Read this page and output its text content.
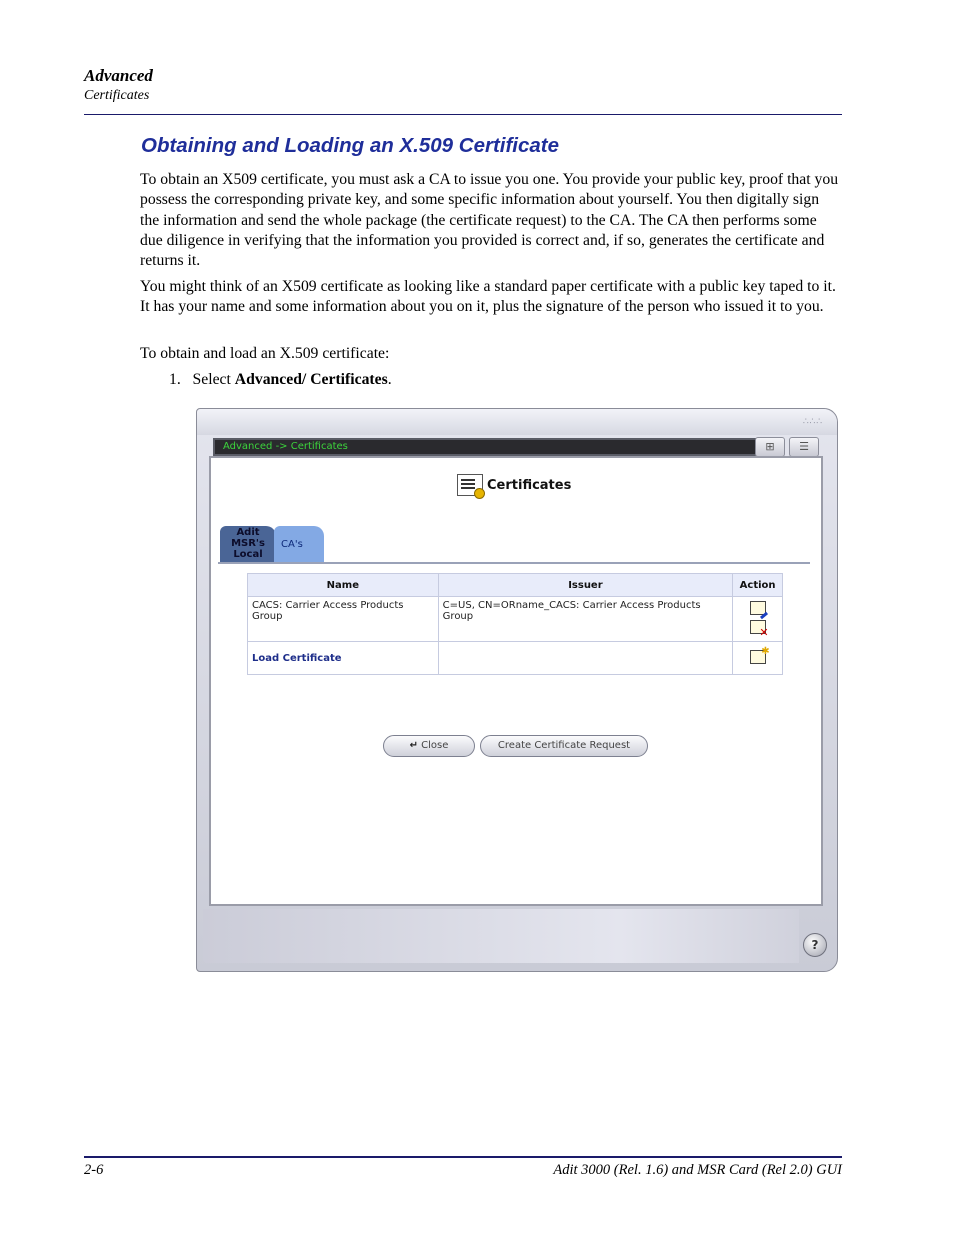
Advanced
Certificates
Obtaining and Loading an X.509 Certificate

To obtain an X509 certificate, you must ask a CA to issue you one. You provide your public key, proof that you possess the corresponding private key, and some specific information about yourself. You then digitally sign the information and send the whole package (the certificate request) to the CA. The CA then performs some due diligence in verifying that the information you provided is correct and, if so, generates the certificate and returns it.

You might think of an X509 certificate as looking like a standard paper certificate with a public key taped to it. It has your name and some information about you on it, plus the signature of the person who issued it to you.

To obtain and load an X.509 certificate:

1. Select Advanced/ Certificates.
∴∴∴
Advanced -> Certificates	⊞	☰
Certificates
Adit MSR's Local
CA's
Name	Issuer	Action
CACS: Carrier Access Products Group	C=US, CN=ORname_CACS: Carrier Access Products Group	✕
Load Certificate		✱
↵ Close	Create Certificate Request
?
2-6	Adit 3000 (Rel. 1.6) and MSR Card (Rel 2.0) GUI
